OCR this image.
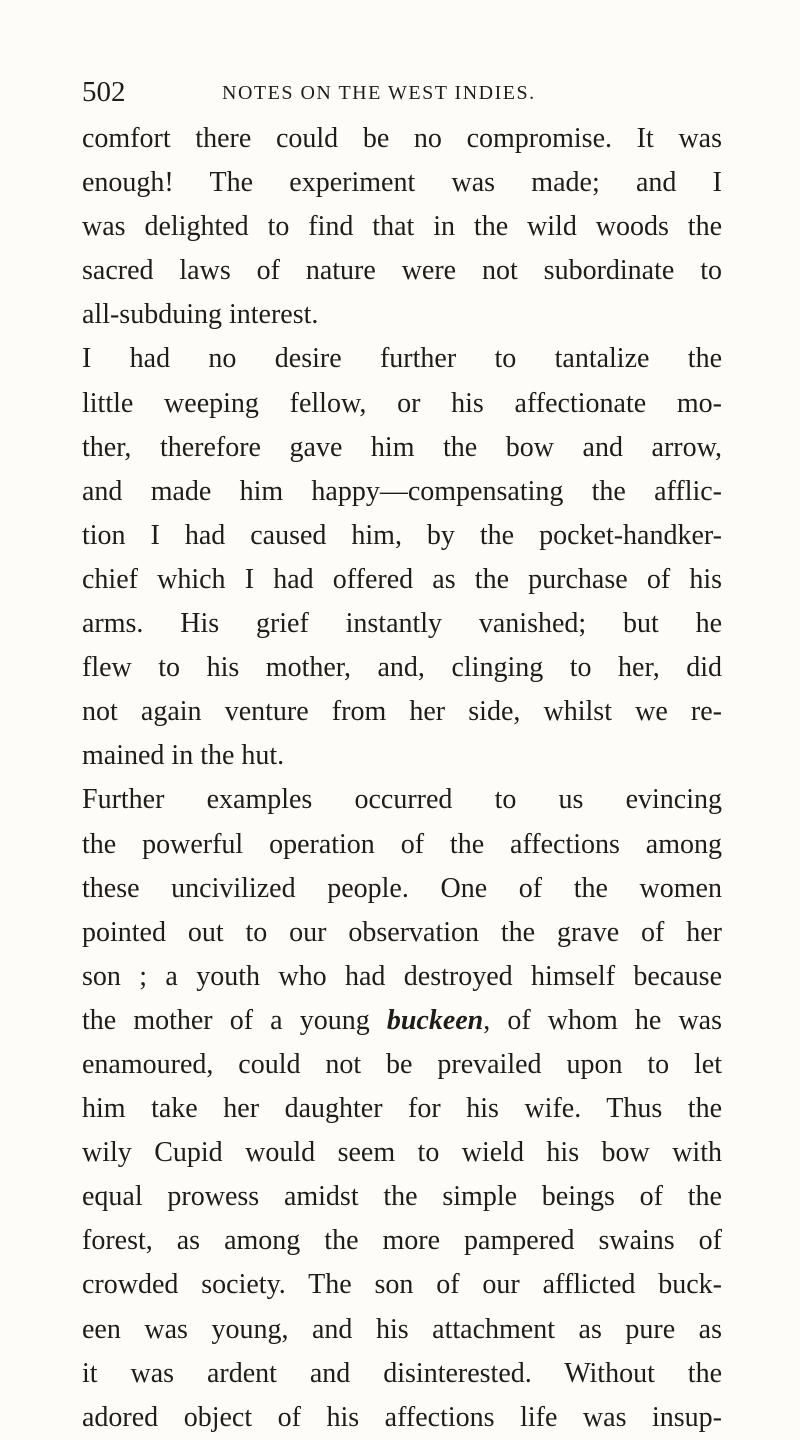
502	NOTES ON THE WEST INDIES.
comfort there could be no compromise. It was
enough! The experiment was made; and I
was delighted to find that in the wild woods the
sacred laws of nature were not subordinate to
all-subduing interest.
I had no desire further to tantalize the
little weeping fellow, or his affectionate mo-
ther, therefore gave him the bow and arrow,
and made him happy—compensating the afflic-
tion I had caused him, by the pocket-handker-
chief which I had offered as the purchase of his
arms. His grief instantly vanished; but he
flew to his mother, and, clinging to her, did
not again venture from her side, whilst we re-
mained in the hut.
Further examples occurred to us evincing
the powerful operation of the affections among
these uncivilized people. One of the women
pointed out to our observation the grave of her
son ; a youth who had destroyed himself because
the mother of a young buckeen, of whom he was
enamoured, could not be prevailed upon to let
him take her daughter for his wife. Thus the
wily Cupid would seem to wield his bow with
equal prowess amidst the simple beings of the
forest, as among the more pampered swains of
crowded society. The son of our afflicted buck-
een was young, and his attachment as pure as
it was ardent and disinterested. Without the
adored object of his affections life was insup-
